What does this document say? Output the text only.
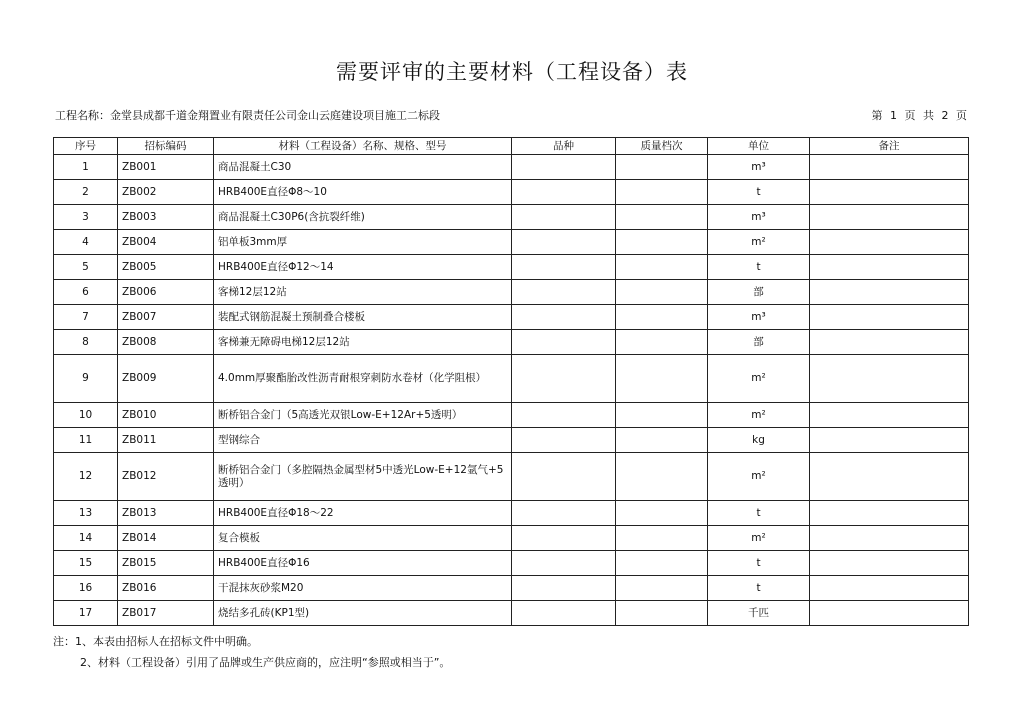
需要评审的主要材料（工程设备）表
工程名称：金堂县成都千道金翔置业有限责任公司金山云庭建设项目施工二标段	第 1 页 共 2 页
序号	招标编码	材料（工程设备）名称、规格、型号	品种	质量档次	单位	备注
1	ZB001	商品混凝土C30			m³	
2	ZB002	HRB400E直径Φ8～10			t	
3	ZB003	商品混凝土C30P6(含抗裂纤维)			m³	
4	ZB004	铝单板3mm厚			m²	
5	ZB005	HRB400E直径Φ12～14			t	
6	ZB006	客梯12层12站			部	
7	ZB007	装配式钢筋混凝土预制叠合楼板			m³	
8	ZB008	客梯兼无障碍电梯12层12站			部	
9	ZB009	4.0mm厚聚酯胎改性沥青耐根穿刺防水卷材（化学阻根）			m²	
10	ZB010	断桥铝合金门（5高透光双银Low-E+12Ar+5透明）			m²	
11	ZB011	型钢综合			kg	
12	ZB012	断桥铝合金门（多腔隔热金属型材5中透光Low-E+12氩气+5透明）			m²	
13	ZB013	HRB400E直径Φ18～22			t	
14	ZB014	复合模板			m²	
15	ZB015	HRB400E直径Φ16			t	
16	ZB016	干混抹灰砂浆M20			t	
17	ZB017	烧结多孔砖(KP1型)			千匹	
注：1、本表由招标人在招标文件中明确。
2、材料（工程设备）引用了品牌或生产供应商的，应注明“参照或相当于”。
